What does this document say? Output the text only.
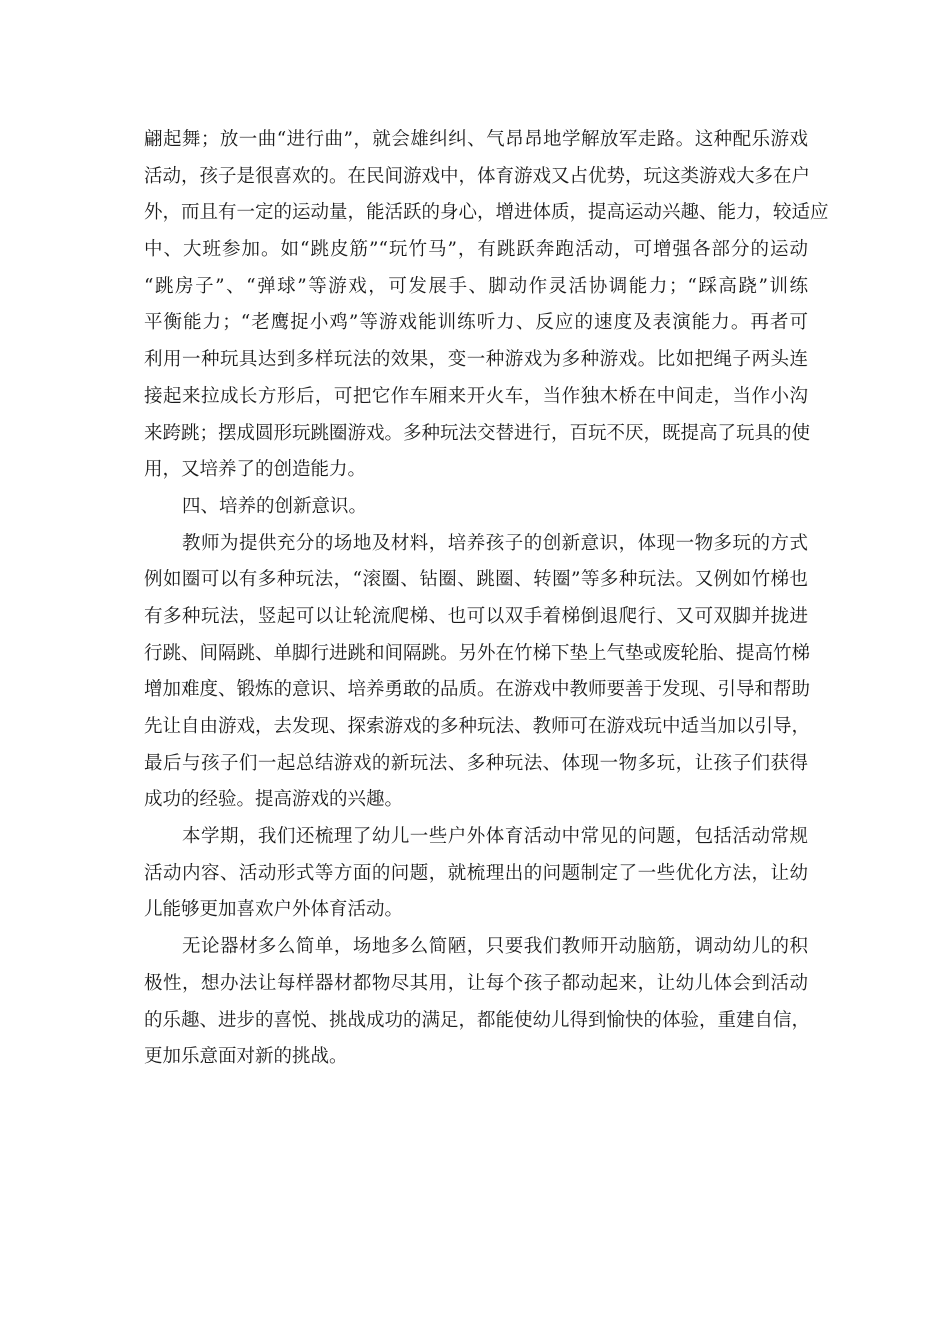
翩起舞；放一曲“进行曲”，就会雄纠纠、气昂昂地学解放军走路。这种配乐游戏
活动，孩子是很喜欢的。在民间游戏中，体育游戏又占优势，玩这类游戏大多在户
外，而且有一定的运动量，能活跃的身心，增进体质，提高运动兴趣、能力，较适应
中、大班参加。如“跳皮筋”“玩竹马”，有跳跃奔跑活动，可增强各部分的运动
“跳房子”、“弹球”等游戏，可发展手、脚动作灵活协调能力；“踩高跷”训练
平衡能力；“老鹰捉小鸡”等游戏能训练听力、反应的速度及表演能力。再者可
利用一种玩具达到多样玩法的效果，变一种游戏为多种游戏。比如把绳子两头连
接起来拉成长方形后，可把它作车厢来开火车，当作独木桥在中间走，当作小沟
来跨跳；摆成圆形玩跳圈游戏。多种玩法交替进行，百玩不厌，既提高了玩具的使
用，又培养了的创造能力。
四、培养的创新意识。
教师为提供充分的场地及材料，培养孩子的创新意识，体现一物多玩的方式
例如圈可以有多种玩法，“滚圈、钻圈、跳圈、转圈”等多种玩法。又例如竹梯也
有多种玩法，竖起可以让轮流爬梯、也可以双手着梯倒退爬行、又可双脚并拢进
行跳、间隔跳、单脚行进跳和间隔跳。另外在竹梯下垫上气垫或废轮胎、提高竹梯
增加难度、锻炼的意识、培养勇敢的品质。在游戏中教师要善于发现、引导和帮助
先让自由游戏，去发现、探索游戏的多种玩法、教师可在游戏玩中适当加以引导，
最后与孩子们一起总结游戏的新玩法、多种玩法、体现一物多玩，让孩子们获得
成功的经验。提高游戏的兴趣。
本学期，我们还梳理了幼儿一些户外体育活动中常见的问题，包括活动常规
活动内容、活动形式等方面的问题，就梳理出的问题制定了一些优化方法，让幼
儿能够更加喜欢户外体育活动。
无论器材多么简单，场地多么简陋，只要我们教师开动脑筋，调动幼儿的积
极性，想办法让每样器材都物尽其用，让每个孩子都动起来，让幼儿体会到活动
的乐趣、进步的喜悦、挑战成功的满足，都能使幼儿得到愉快的体验，重建自信，
更加乐意面对新的挑战。
